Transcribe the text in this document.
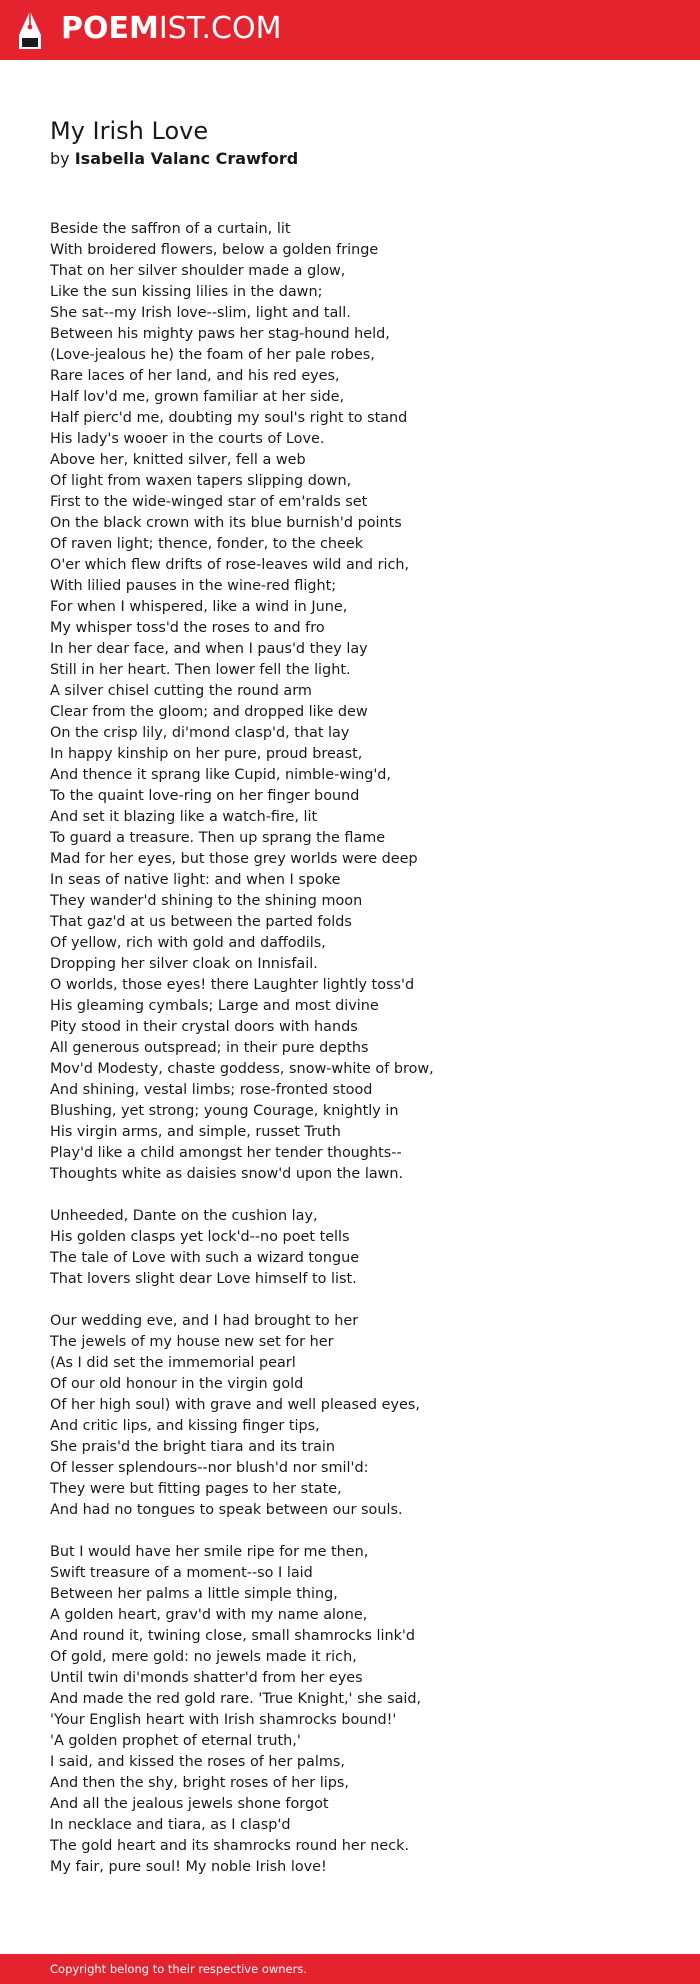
POEMIST.COM
My Irish Love
by Isabella Valanc Crawford
Beside the saffron of a curtain, lit
With broidered flowers, below a golden fringe
That on her silver shoulder made a glow,
Like the sun kissing lilies in the dawn;
She sat--my Irish love--slim, light and tall.
Between his mighty paws her stag-hound held,
(Love-jealous he) the foam of her pale robes,
Rare laces of her land, and his red eyes,
Half lov'd me, grown familiar at her side,
Half pierc'd me, doubting my soul's right to stand
His lady's wooer in the courts of Love.
Above her, knitted silver, fell a web
Of light from waxen tapers slipping down,
First to the wide-winged star of em'ralds set
On the black crown with its blue burnish'd points
Of raven light; thence, fonder, to the cheek
O'er which flew drifts of rose-leaves wild and rich,
With lilied pauses in the wine-red flight;
For when I whispered, like a wind in June,
My whisper toss'd the roses to and fro
In her dear face, and when I paus'd they lay
Still in her heart. Then lower fell the light.
A silver chisel cutting the round arm
Clear from the gloom; and dropped like dew
On the crisp lily, di'mond clasp'd, that lay
In happy kinship on her pure, proud breast,
And thence it sprang like Cupid, nimble-wing'd,
To the quaint love-ring on her finger bound
And set it blazing like a watch-fire, lit
To guard a treasure. Then up sprang the flame
Mad for her eyes, but those grey worlds were deep
In seas of native light: and when I spoke
They wander'd shining to the shining moon
That gaz'd at us between the parted folds
Of yellow, rich with gold and daffodils,
Dropping her silver cloak on Innisfail.
O worlds, those eyes! there Laughter lightly toss'd
His gleaming cymbals; Large and most divine
Pity stood in their crystal doors with hands
All generous outspread; in their pure depths
Mov'd Modesty, chaste goddess, snow-white of brow,
And shining, vestal limbs; rose-fronted stood
Blushing, yet strong; young Courage, knightly in
His virgin arms, and simple, russet Truth
Play'd like a child amongst her tender thoughts--
Thoughts white as daisies snow'd upon the lawn.
Unheeded, Dante on the cushion lay,
His golden clasps yet lock'd--no poet tells
The tale of Love with such a wizard tongue
That lovers slight dear Love himself to list.
Our wedding eve, and I had brought to her
The jewels of my house new set for her
(As I did set the immemorial pearl
Of our old honour in the virgin gold
Of her high soul) with grave and well pleased eyes,
And critic lips, and kissing finger tips,
She prais'd the bright tiara and its train
Of lesser splendours--nor blush'd nor smil'd:
They were but fitting pages to her state,
And had no tongues to speak between our souls.
But I would have her smile ripe for me then,
Swift treasure of a moment--so I laid
Between her palms a little simple thing,
A golden heart, grav'd with my name alone,
And round it, twining close, small shamrocks link'd
Of gold, mere gold: no jewels made it rich,
Until twin di'monds shatter'd from her eyes
And made the red gold rare. 'True Knight,' she said,
'Your English heart with Irish shamrocks bound!'
'A golden prophet of eternal truth,'
I said, and kissed the roses of her palms,
And then the shy, bright roses of her lips,
And all the jealous jewels shone forgot
In necklace and tiara, as I clasp'd
The gold heart and its shamrocks round her neck.
My fair, pure soul! My noble Irish love!
Copyright belong to their respective owners.
